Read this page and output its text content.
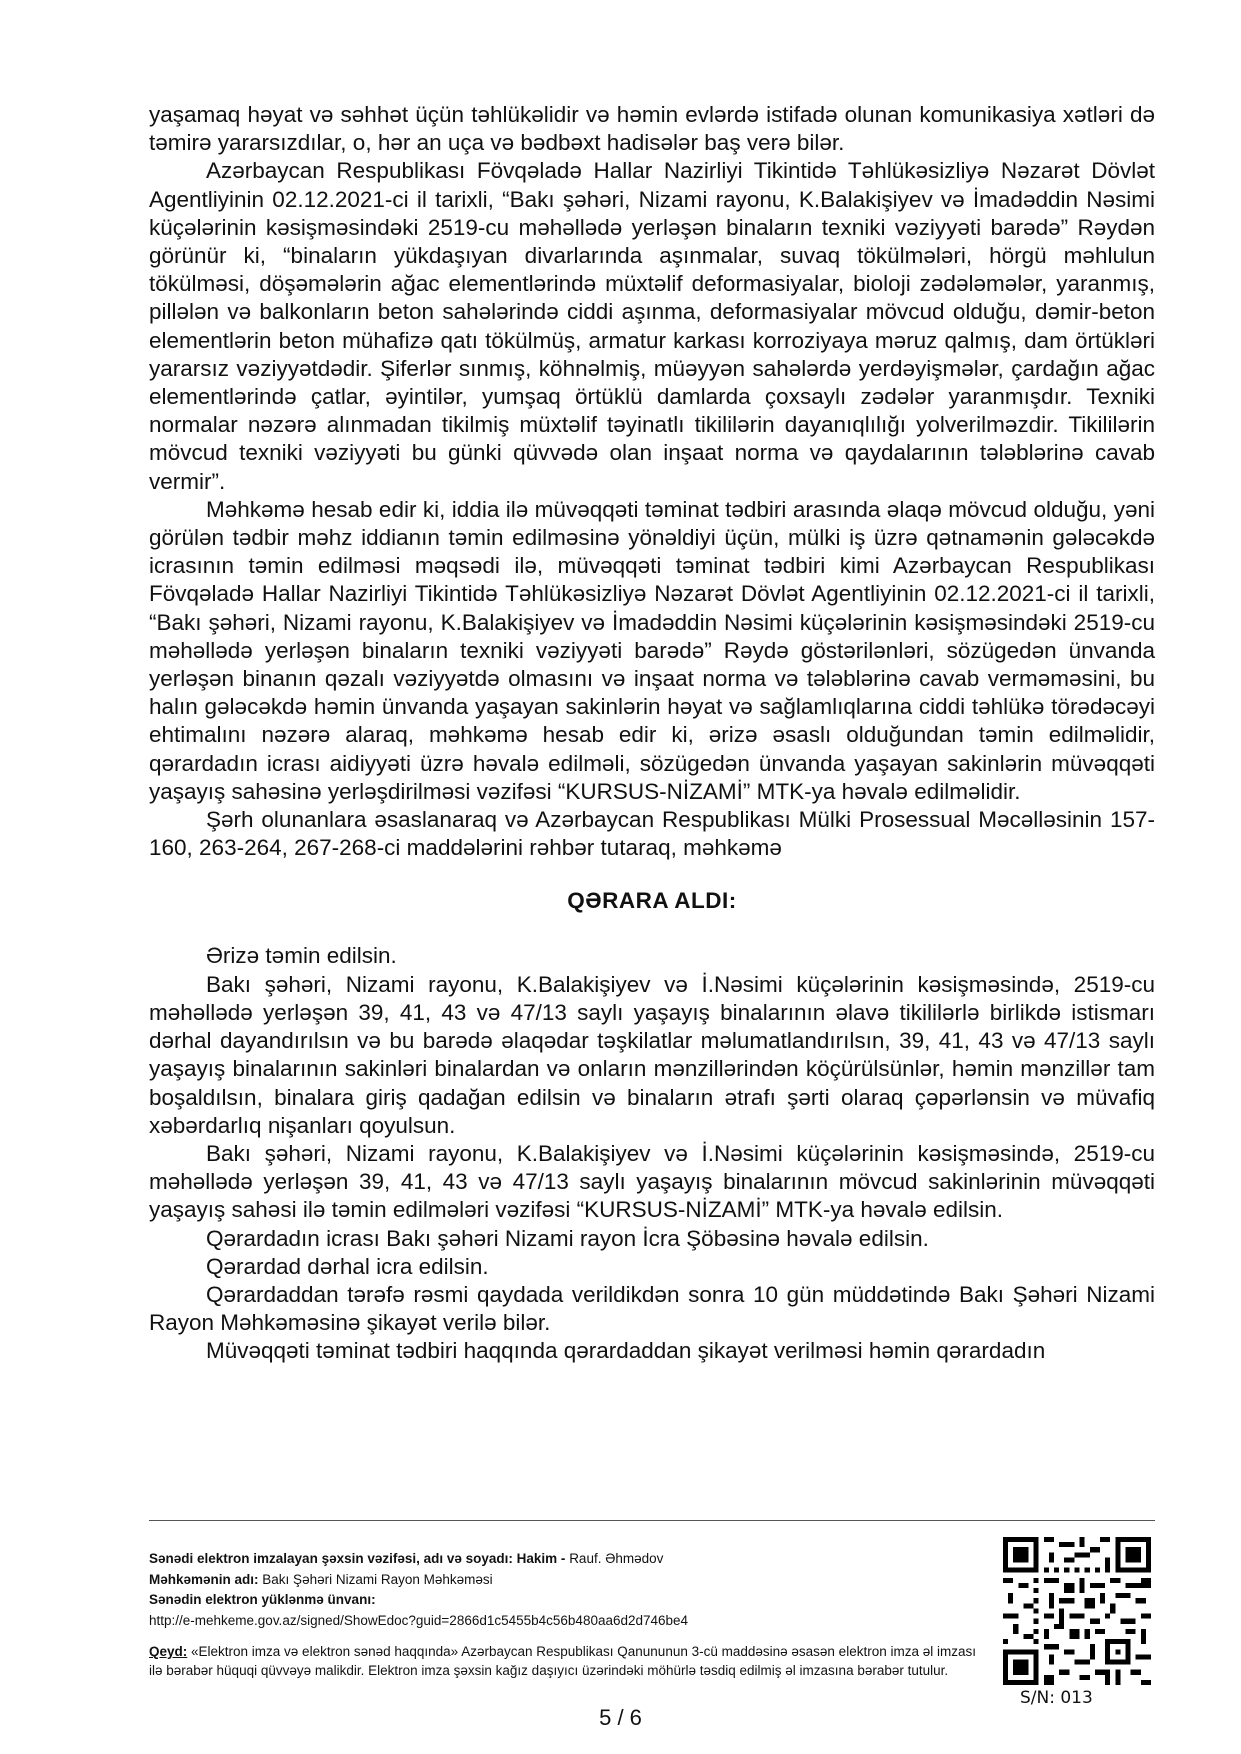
yaşamaq həyat və səhhət üçün təhlükəlidir və həmin evlərdə istifadə olunan komunikasiya xətləri də təmirə yararsızdılar, o, hər an uça və bədbəxt hadisələr baş verə bilər.

Azərbaycan Respublikası Fövqəladə Hallar Nazirliyi Tikintidə Təhlükəsizliyə Nəzarət Dövlət Agentliyinin 02.12.2021-ci il tarixli, “Bakı şəhəri, Nizami rayonu, K.Balakişiyev və İmadəddin Nəsimi küçələrinin kəsişməsindəki 2519-cu məhəllədə yerləşən binaların texniki vəziyyəti barədə” Rəydən görünür ki, “binaların yükdaşıyan divarlarında aşınmalar, suvaq tökülmələri, hörgü məhlulun tökülməsi, döşəmələrin ağac elementlərində müxtəlif deformasiyalar, bioloji zədələmələr, yaranmış, pillələn və balkonların beton sahələrində ciddi aşınma, deformasiyalar mövcud olduğu, dəmir-beton elementlərin beton mühafizə qatı tökülmüş, armatur karkası korroziyaya məruz qalmış, dam örtükləri yararsız vəziyyətdədir. Şiferlər sınmış, köhnəlmiş, müəyyən sahələrdə yerdəyişmələr, çardağın ağac elementlərində çatlar, əyintilər, yumşaq örtüklü damlarda çoxsaylı zədələr yaranmışdır. Texniki normalar nəzərə alınmadan tikilmiş müxtəlif təyinatlı tikililərin dayanıqlılığı yolverilməzdir. Tikililərin mövcud texniki vəziyyəti bu günki qüvvədə olan inşaat norma və qaydalarının tələblərinə cavab vermir”.

Məhkəmə hesab edir ki, iddia ilə müvəqqəti təminat tədbiri arasında əlaqə mövcud olduğu, yəni görülən tədbir məhz iddianın təmin edilməsinə yönəldiyi üçün, mülki iş üzrə qətnamənin gələcəkdə icrasının təmin edilməsi məqsədi ilə, müvəqqəti təminat tədbiri kimi Azərbaycan Respublikası Fövqəladə Hallar Nazirliyi Tikintidə Təhlükəsizliyə Nəzarət Dövlət Agentliyinin 02.12.2021-ci il tarixli, “Bakı şəhəri, Nizami rayonu, K.Balakişiyev və İmadəddin Nəsimi küçələrinin kəsişməsindəki 2519-cu məhəllədə yerləşən binaların texniki vəziyyəti barədə” Rəydə göstərilənləri, sözügedən ünvanda yerləşən binanın qəzalı vəziyyətdə olmasını və inşaat norma və tələblərinə cavab verməməsini, bu halın gələcəkdə həmin ünvanda yaşayan sakinlərin həyat və sağlamlıqlarına ciddi təhlükə törədəcəyi ehtimalını nəzərə alaraq, məhkəmə hesab edir ki, ərizə əsaslı olduğundan təmin edilməlidir, qərardadın icrası aidiyyəti üzrə həvalə edilməli, sözügedən ünvanda yaşayan sakinlərin müvəqqəti yaşayış sahəsinə yerləşdirilməsi vəzifəsi “KURSUS-NİZAMİ” MTK-ya həvalə edilməlidir.

Şərh olunanlara əsaslanaraq və Azərbaycan Respublikası Mülki Prosessual Məcəlləsinin 157-160, 263-264, 267-268-ci maddələrini rəhbər tutaraq, məhkəmə

QƏRARA ALDI:

Ərizə təmin edilsin.

Bakı şəhəri, Nizami rayonu, K.Balakişiyev və İ.Nəsimi küçələrinin kəsişməsində, 2519-cu məhəllədə yerləşən 39, 41, 43 və 47/13 saylı yaşayış binalarının əlavə tikililərlə birlikdə istismarı dərhal dayandırılsın və bu barədə əlaqədar təşkilatlar məlumatlandırılsın, 39, 41, 43 və 47/13 saylı yaşayış binalarının sakinləri binalardan və onların mənzillərindən köçürülsünlər, həmin mənzillər tam boşaldılsın, binalara giriş qadağan edilsin və binaların ətrafı şərti olaraq çəpərlənsin və müvafiq xəbərdarlıq nişanları qoyulsun.

Bakı şəhəri, Nizami rayonu, K.Balakişiyev və İ.Nəsimi küçələrinin kəsişməsində, 2519-cu məhəllədə yerləşən 39, 41, 43 və 47/13 saylı yaşayış binalarının mövcud sakinlərinin müvəqqəti yaşayış sahəsi ilə təmin edilmələri vəzifəsi “KURSUS-NİZAMİ” MTK-ya həvalə edilsin.

Qərardadın icrası Bakı şəhəri Nizami rayon İcra Şöbəsinə həvalə edilsin.

Qərardad dərhal icra edilsin.

Qərardaddan tərəfə rəsmi qaydada verildikdən sonra 10 gün müddətində Bakı Şəhəri Nizami Rayon Məhkəməsinə şikayət verilə bilər.

Müvəqqəti təminat tədbiri haqqında qərardaddan şikayət verilməsi həmin qərardadın

Sənədi elektron imzalayan şəxsin vəzifəsi, adı və soyadı: Hakim - Rauf. Əhmədov
Məhkəmənin adı: Bakı Şəhəri Nizami Rayon Məhkəməsi
Sənədin elektron yüklənmə ünvanı:
http://e-mehkeme.gov.az/signed/ShowEdoc?guid=2866d1c5455b4c56b480aa6d2d746be4
Qeyd: «Elektron imza və elektron sənəd haqqında» Azərbaycan Respublikası Qanununun 3-cü maddəsinə əsasən elektron imza əl imzası ilə bərabər hüquqi qüvvəyə malikdir. Elektron imza şəxsin kağız daşıyıcı üzərindəki möhürlə təsdiq edilmiş əl imzasına bərabər tutulur.
S/N: 013
5 / 6
